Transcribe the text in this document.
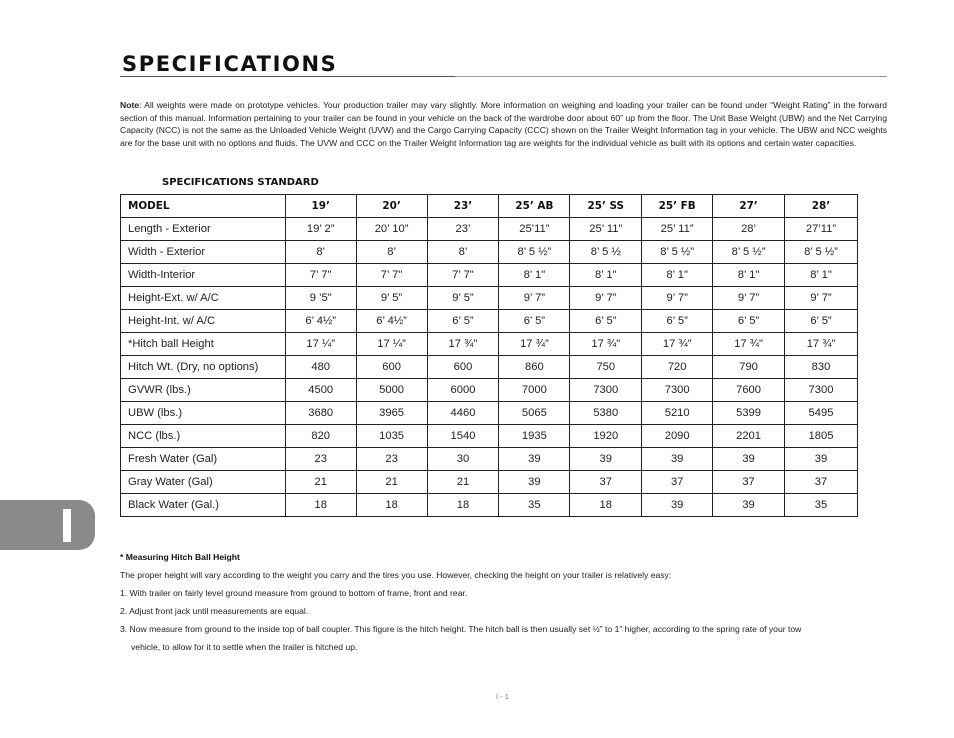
SPECIFICATIONS
Note: All weights were made on prototype vehicles. Your production trailer may vary slightly. More information on weighing and loading your trailer can be found under “Weight Rating” in the forward section of this manual. Information pertaining to your trailer can be found in your vehicle on the back of the wardrobe door about 60” up from the floor. The Unit Base Weight (UBW) and the Net Carrying Capacity (NCC) is not the same as the Unloaded Vehicle Weight (UVW) and the Cargo Carrying Capacity (CCC) shown on the Trailer Weight Information tag in your vehicle. The UBW and NCC weights are for the base unit with no options and fluids. The UVW and CCC on the Trailer Weight Information tag are weights for the individual vehicle as built with its options and certain water capacities.
SPECIFICATIONS STANDARD
MODEL	19’	20’	23’	25’ AB	25’ SS	25’ FB	27’	28’
Length - Exterior	19’ 2”	20’ 10”	23’	25’11”	25’ 11”	25’ 11”	28’	27’11”
Width - Exterior	8’	8’	8’	8’ 5 ½”	8’ 5 ½	8’ 5 ½”	8’ 5 ½”	8’ 5 ½”
Width-Interior	7’ 7"	7’ 7"	7’ 7"	8’ 1"	8’ 1"	8’ 1"	8’ 1"	8’ 1"
Height-Ext. w/ A/C	9 ’5"	9’ 5”	9’ 5”	9’ 7”	9’ 7”	9’ 7”	9’ 7”	9’ 7”
Height-Int. w/ A/C	6’ 4½”	6’ 4½”	6’ 5”	6’ 5”	6’ 5”	6’ 5”	6’ 5”	6’ 5”
*Hitch ball Height	17 ¼”	17 ¼”	17 ¾"	17 ¾”	17 ¾"	17 ¾”	17 ¾"	17 ¾”
Hitch Wt. (Dry, no options)	480	600	600	860	750	720	790	830
GVWR (lbs.)	4500	5000	6000	7000	7300	7300	7600	7300
UBW (lbs.)	3680	3965	4460	5065	5380	5210	5399	5495
NCC (lbs.)	820	1035	1540	1935	1920	2090	2201	1805
Fresh Water (Gal)	23	23	30	39	39	39	39	39
Gray Water (Gal)	21	21	21	39	37	37	37	37
Black Water (Gal.)	18	18	18	35	18	39	39	35
* Measuring Hitch Ball Height
The proper height will vary according to the weight you carry and the tires you use. However, checking the height on your trailer is relatively easy:
1. With trailer on fairly level ground measure from ground to bottom of frame, front and rear.
2. Adjust front jack until measurements are equal.
3. Now measure from ground to the inside top of ball coupler. This figure is the hitch height. The hitch ball is then usually set ½” to 1” higher, according to the spring rate of your tow
vehicle, to allow for it to settle when the trailer is hitched up.
I - 1
